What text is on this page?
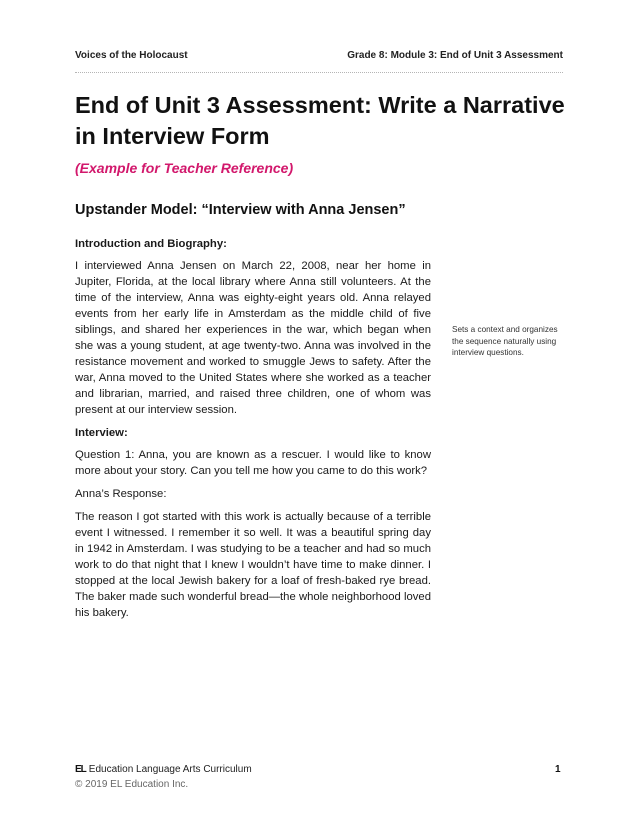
Voices of the Holocaust	Grade 8: Module 3: End of Unit 3 Assessment
End of Unit 3 Assessment: Write a Narrative in Interview Form
(Example for Teacher Reference)
Upstander Model: “Interview with Anna Jensen”
Introduction and Biography:

I interviewed Anna Jensen on March 22, 2008, near her home in Jupiter, Florida, at the local library where Anna still volunteers. At the time of the interview, Anna was eighty-eight years old. Anna relayed events from her early life in Amsterdam as the middle child of five siblings, and shared her experiences in the war, which began when she was a young student, at age twenty-two. Anna was involved in the resistance movement and worked to smuggle Jews to safety. After the war, Anna moved to the United States where she worked as a teacher and librarian, married, and raised three children, one of whom was present at our interview session.

Interview:

Question 1: Anna, you are known as a rescuer. I would like to know more about your story. Can you tell me how you came to do this work?

Anna’s Response:

The reason I got started with this work is actually because of a terrible event I witnessed. I remember it so well. It was a beautiful spring day in 1942 in Amsterdam. I was studying to be a teacher and had so much work to do that night that I knew I wouldn’t have time to make dinner. I stopped at the local Jewish bakery for a loaf of fresh-baked rye bread. The baker made such wonderful bread—the whole neighborhood loved his bakery.

Sets a context and organizes the sequence naturally using interview questions.
EL Education Language Arts Curriculum
© 2019 EL Education Inc.
1
